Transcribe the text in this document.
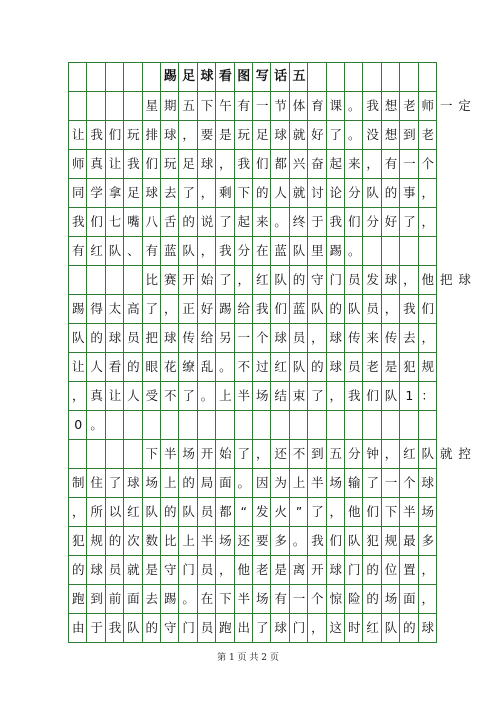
踢 足 球 看 图 写 话 五
星 期 五 下 午 有 一 节 体 育 课 。 我 想 老 师 一 定
让 我 们 玩 排 球 ， 要 是 玩 足 球 就 好 了 。 没 想 到 老
师 真 让 我 们 玩 足 球 ， 我 们 都 兴 奋 起 来 ， 有 一 个
同 学 拿 足 球 去 了 ， 剩 下 的 人 就 讨 论 分 队 的 事 ，
我 们 七 嘴 八 舌 的 说 了 起 来 。 终 于 我 们 分 好 了 ，
有 红 队 、 有 蓝 队 ， 我 分 在 蓝 队 里 踢 。
比 赛 开 始 了 ， 红 队 的 守 门 员 发 球 ， 他 把 球
踢 得 太 高 了 ， 正 好 踢 给 我 们 蓝 队 的 队 员 ， 我 们
队 的 球 员 把 球 传 给 另 一 个 球 员 ， 球 传 来 传 去 ，
让 人 看 的 眼 花 缭 乱 。 不 过 红 队 的 球 员 老 是 犯 规
， 真 让 人 受 不 了 。 上 半 场 结 束 了 ， 我 们 队 1 ：
0 。
下 半 场 开 始 了 ， 还 不 到 五 分 钟 ， 红 队 就 控
制 住 了 球 场 上 的 局 面 。 因 为 上 半 场 输 了 一 个 球
， 所 以 红 队 的 队 员 都 “ 发 火 ” 了 ， 他 们 下 半 场
犯 规 的 次 数 比 上 半 场 还 要 多 。 我 们 队 犯 规 最 多
的 球 员 就 是 守 门 员 ， 他 老 是 离 开 球 门 的 位 置 ，
跑 到 前 面 去 踢 。 在 下 半 场 有 一 个 惊 险 的 场 面 ，
由 于 我 队 的 守 门 员 跑 出 了 球 门 ， 这 时 红 队 的 球
第 1 页 共 2 页
